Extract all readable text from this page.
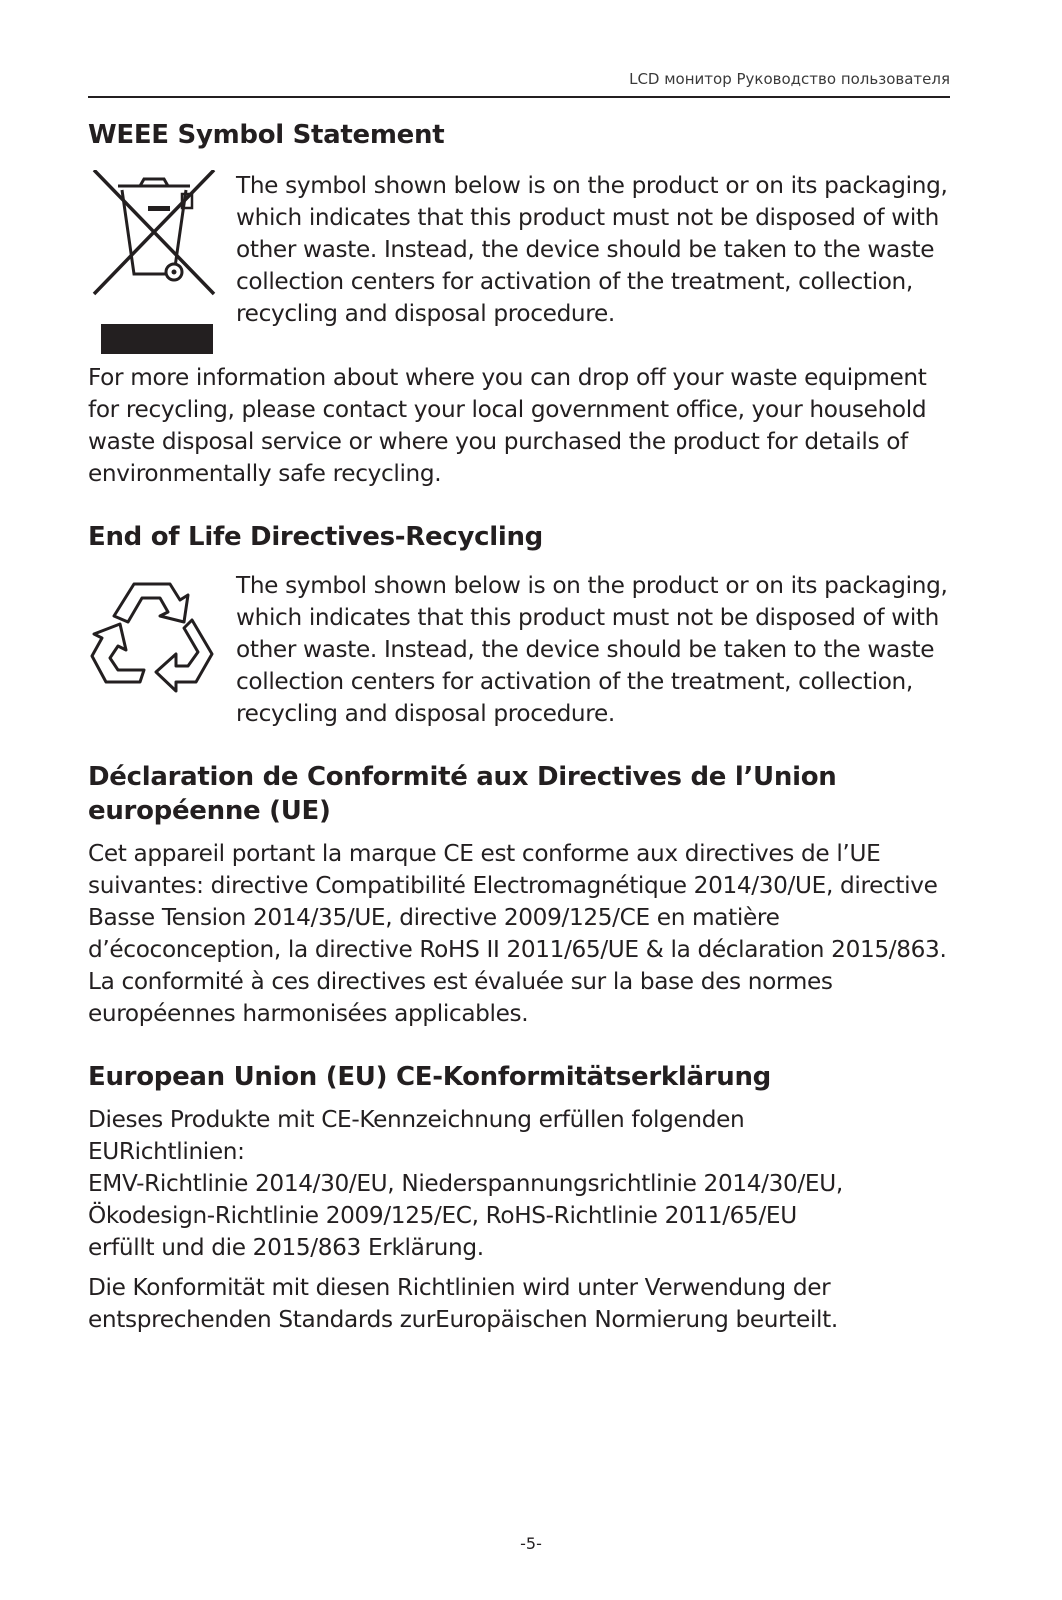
LCD монитор Руководство пользователя
WEEE Symbol Statement

The symbol shown below is on the product or on its packaging, which indicates that this product must not be disposed of with other waste. Instead, the device should be taken to the waste collection centers for activation of the treatment, collection, recycling and disposal procedure.

For more information about where you can drop off your waste equipment for recycling, please contact your local government office, your household waste disposal service or where you purchased the product for details of environmentally safe recycling.

End of Life Directives-Recycling

The symbol shown below is on the product or on its packaging, which indicates that this product must not be disposed of with other waste. Instead, the device should be taken to the waste collection centers for activation of the treatment, collection, recycling and disposal procedure.

Déclaration de Conformité aux Directives de l’Union européenne (UE)

Cet appareil portant la marque CE est conforme aux directives de l’UE suivantes: directive Compatibilité Electromagnétique 2014/30/UE, directive Basse Tension 2014/35/UE, directive 2009/125/CE en matière d’écoconception, la directive RoHS II 2011/65/UE & la déclaration 2015/863.

La conformité à ces directives est évaluée sur la base des normes européennes harmonisées applicables.

European Union (EU) CE-Konformitätserklärung

Dieses Produkte mit CE-Kennzeichnung erfüllen folgenden EURichtlinien:

EMV-Richtlinie 2014/30/EU, Niederspannungsrichtlinie 2014/30/EU, Ökodesign-Richtlinie 2009/125/EC, RoHS-Richtlinie 2011/65/EU erfüllt und die 2015/863 Erklärung.

Die Konformität mit diesen Richtlinien wird unter Verwendung der entsprechenden Standards zurEuropäischen Normierung beurteilt.

-5-
